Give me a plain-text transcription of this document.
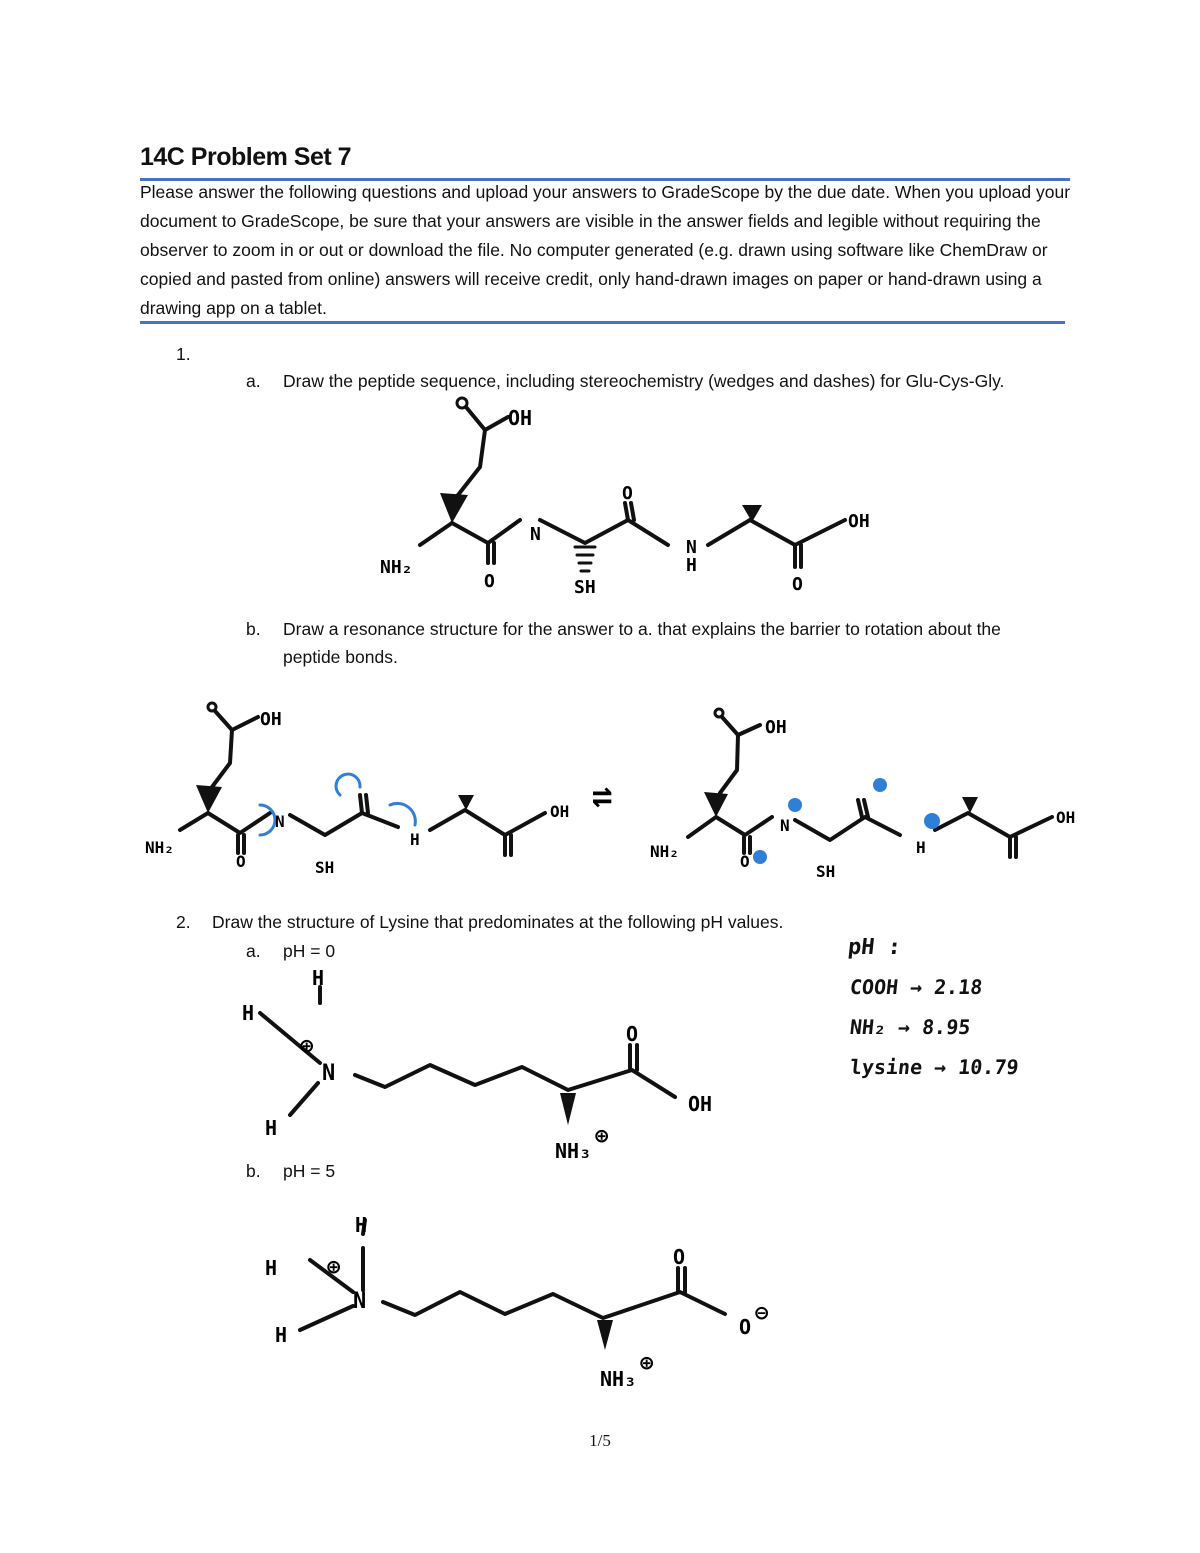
14C Problem Set 7
Please answer the following questions and upload your answers to GradeScope by the due date. When you upload your document to GradeScope, be sure that your answers are visible in the answer fields and legible without requiring the observer to zoom in or out or download the file. No computer generated (e.g. drawn using software like ChemDraw or copied and pasted from online) answers will receive credit, only hand-drawn images on paper or hand-drawn using a drawing app on a tablet.
1.
a. Draw the peptide sequence, including stereochemistry (wedges and dashes) for Glu-Cys-Gly.
OH
NH₂
N
O	SH
O
N
H
OH
O
b. Draw a resonance structure for the answer to a. that explains the barrier to rotation about the peptide bonds.
NH₂
OH
N
O	SH
H
OH ⇌
NH₂
OH
N
O
SH
H
OH
2. Draw the structure of Lysine that predominates at the following pH values.
a. pH = 0	pH :
COOH → 2.18
NH₂ → 8.95
lysine → 10.79
H
H
H
⊕
N
O
OH
NH₃
⊕
b. pH = 5
H
H
H
⊕
N
O
O
⊖
NH₃
⊕
1/5
